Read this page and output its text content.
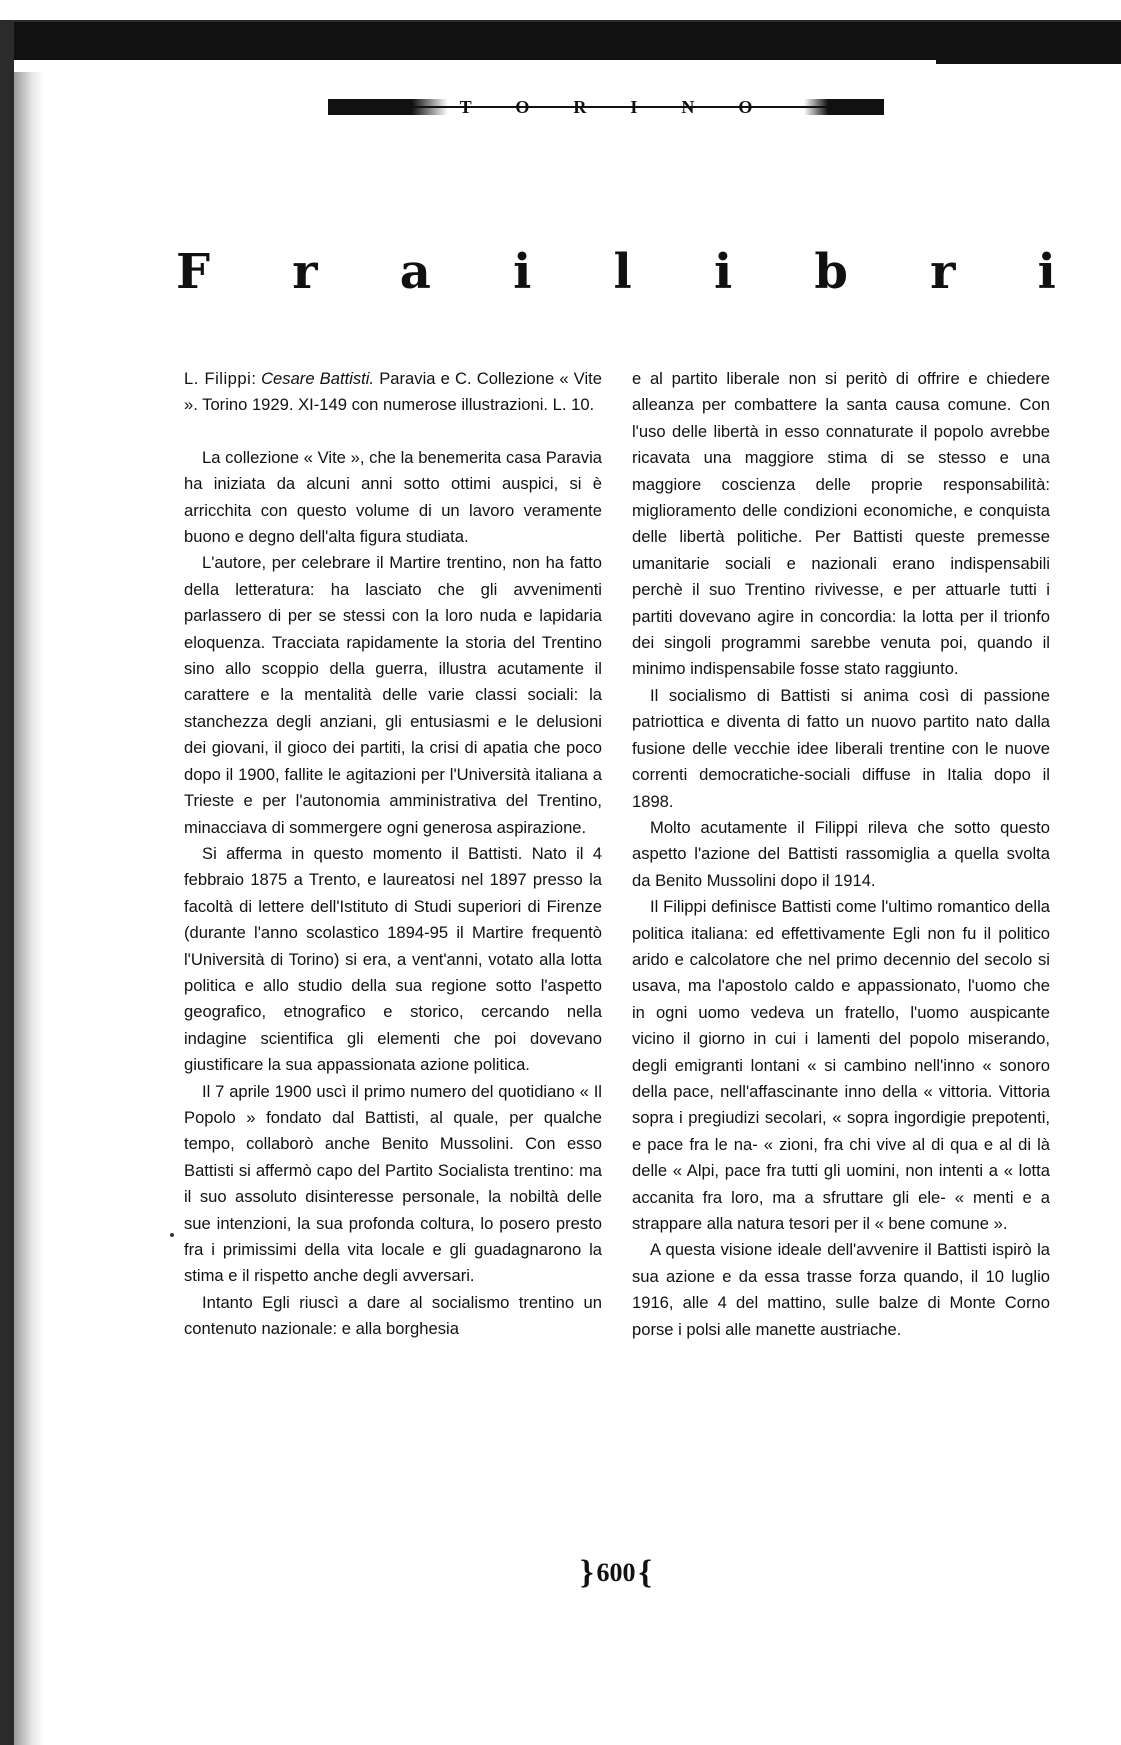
TORINO
F r a i l i b r i

L. Filippi: Cesare Battisti. Paravia e C. Collezione « Vite ». Torino 1929. XI-149 con numerose illustrazioni. L. 10.

La collezione « Vite », che la benemerita casa Paravia ha iniziata da alcuni anni sotto ottimi auspici, si è arricchita con questo volume di un lavoro veramente buono e degno dell'alta figura studiata.

L'autore, per celebrare il Martire trentino, non ha fatto della letteratura: ha lasciato che gli avvenimenti parlassero di per se stessi con la loro nuda e lapidaria eloquenza. Tracciata rapidamente la storia del Trentino sino allo scoppio della guerra, illustra acutamente il carattere e la mentalità delle varie classi sociali: la stanchezza degli anziani, gli entusiasmi e le delusioni dei giovani, il gioco dei partiti, la crisi di apatia che poco dopo il 1900, fallite le agitazioni per l'Università italiana a Trieste e per l'autonomia amministrativa del Trentino, minacciava di sommergere ogni generosa aspirazione.

Si afferma in questo momento il Battisti. Nato il 4 febbraio 1875 a Trento, e laureatosi nel 1897 presso la facoltà di lettere dell'Istituto di Studi superiori di Firenze (durante l'anno scolastico 1894-95 il Martire frequentò l'Università di Torino) si era, a vent'anni, votato alla lotta politica e allo studio della sua regione sotto l'aspetto geografico, etnografico e storico, cercando nella indagine scientifica gli elementi che poi dovevano giustificare la sua appassionata azione politica.

Il 7 aprile 1900 uscì il primo numero del quotidiano « Il Popolo » fondato dal Battisti, al quale, per qualche tempo, collaborò anche Benito Mussolini. Con esso Battisti si affermò capo del Partito Socialista trentino: ma il suo assoluto disinteresse personale, la nobiltà delle sue intenzioni, la sua profonda coltura, lo posero presto fra i primissimi della vita locale e gli guadagnarono la stima e il rispetto anche degli avversari.

Intanto Egli riuscì a dare al socialismo trentino un contenuto nazionale: e alla borghesia

e al partito liberale non si peritò di offrire e chiedere alleanza per combattere la santa causa comune. Con l'uso delle libertà in esso connaturate il popolo avrebbe ricavata una maggiore stima di se stesso e una maggiore coscienza delle proprie responsabilità: miglioramento delle condizioni economiche, e conquista delle libertà politiche. Per Battisti queste premesse umanitarie sociali e nazionali erano indispensabili perchè il suo Trentino rivivesse, e per attuarle tutti i partiti dovevano agire in concordia: la lotta per il trionfo dei singoli programmi sarebbe venuta poi, quando il minimo indispensabile fosse stato raggiunto.

Il socialismo di Battisti si anima così di passione patriottica e diventa di fatto un nuovo partito nato dalla fusione delle vecchie idee liberali trentine con le nuove correnti democratiche-sociali diffuse in Italia dopo il 1898.

Molto acutamente il Filippi rileva che sotto questo aspetto l'azione del Battisti rassomiglia a quella svolta da Benito Mussolini dopo il 1914.

Il Filippi definisce Battisti come l'ultimo romantico della politica italiana: ed effettivamente Egli non fu il politico arido e calcolatore che nel primo decennio del secolo si usava, ma l'apostolo caldo e appassionato, l'uomo che in ogni uomo vedeva un fratello, l'uomo auspicante vicino il giorno in cui i lamenti del popolo miserando, degli emigranti lontani « si cambino nell'inno « sonoro della pace, nell'affascinante inno della « vittoria. Vittoria sopra i pregiudizi secolari, « sopra ingordigie prepotenti, e pace fra le na- « zioni, fra chi vive al di qua e al di là delle « Alpi, pace fra tutti gli uomini, non intenti a « lotta accanita fra loro, ma a sfruttare gli ele- « menti e a strappare alla natura tesori per il « bene comune ».

A questa visione ideale dell'avvenire il Battisti ispirò la sua azione e da essa trasse forza quando, il 10 luglio 1916, alle 4 del mattino, sulle balze di Monte Corno porse i polsi alle manette austriache.

} 600 {
